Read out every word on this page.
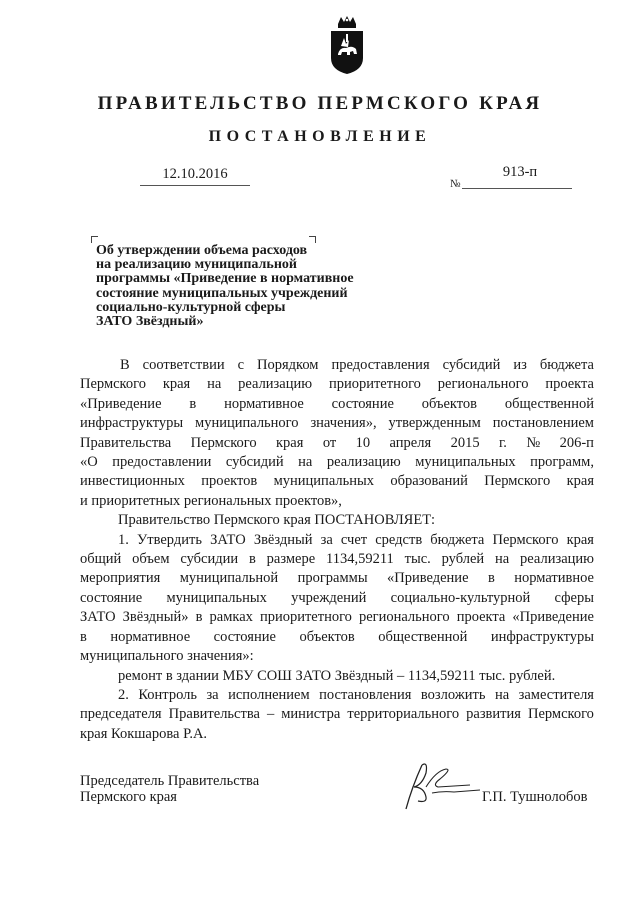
ПРАВИТЕЛЬСТВО ПЕРМСКОГО КРАЯ
ПОСТАНОВЛЕНИЕ
12.10.2016
№
913-п
Об утверждении объема расходов
на реализацию муниципальной
программы «Приведение в нормативное
состояние муниципальных учреждений
социально-культурной сферы
ЗАТО Звёздный»
В соответствии с Порядком предоставления субсидий из бюджета
Пермского края на реализацию приоритетного регионального проекта
«Приведение в нормативное состояние объектов общественной
инфраструктуры муниципального значения», утвержденным постановлением
Правительства Пермского края от 10 апреля 2015 г. № 206-п
«О предоставлении субсидий на реализацию муниципальных программ,
инвестиционных проектов муниципальных образований Пермского края
и приоритетных региональных проектов»,
Правительство Пермского края ПОСТАНОВЛЯЕТ:
1. Утвердить ЗАТО Звёздный за счет средств бюджета Пермского края
общий объем субсидии в размере 1134,59211 тыс. рублей на реализацию
мероприятия муниципальной программы «Приведение в нормативное
состояние муниципальных учреждений социально-культурной сферы
ЗАТО Звёздный» в рамках приоритетного регионального проекта «Приведение
в нормативное состояние объектов общественной инфраструктуры
муниципального значения»:
ремонт в здании МБУ СОШ ЗАТО Звёздный – 1134,59211 тыс. рублей.
2. Контроль за исполнением постановления возложить на заместителя
председателя Правительства – министра территориального развития Пермского
края Кокшарова Р.А.
Председатель Правительства
Пермского края	Г.П. Тушнолобов
